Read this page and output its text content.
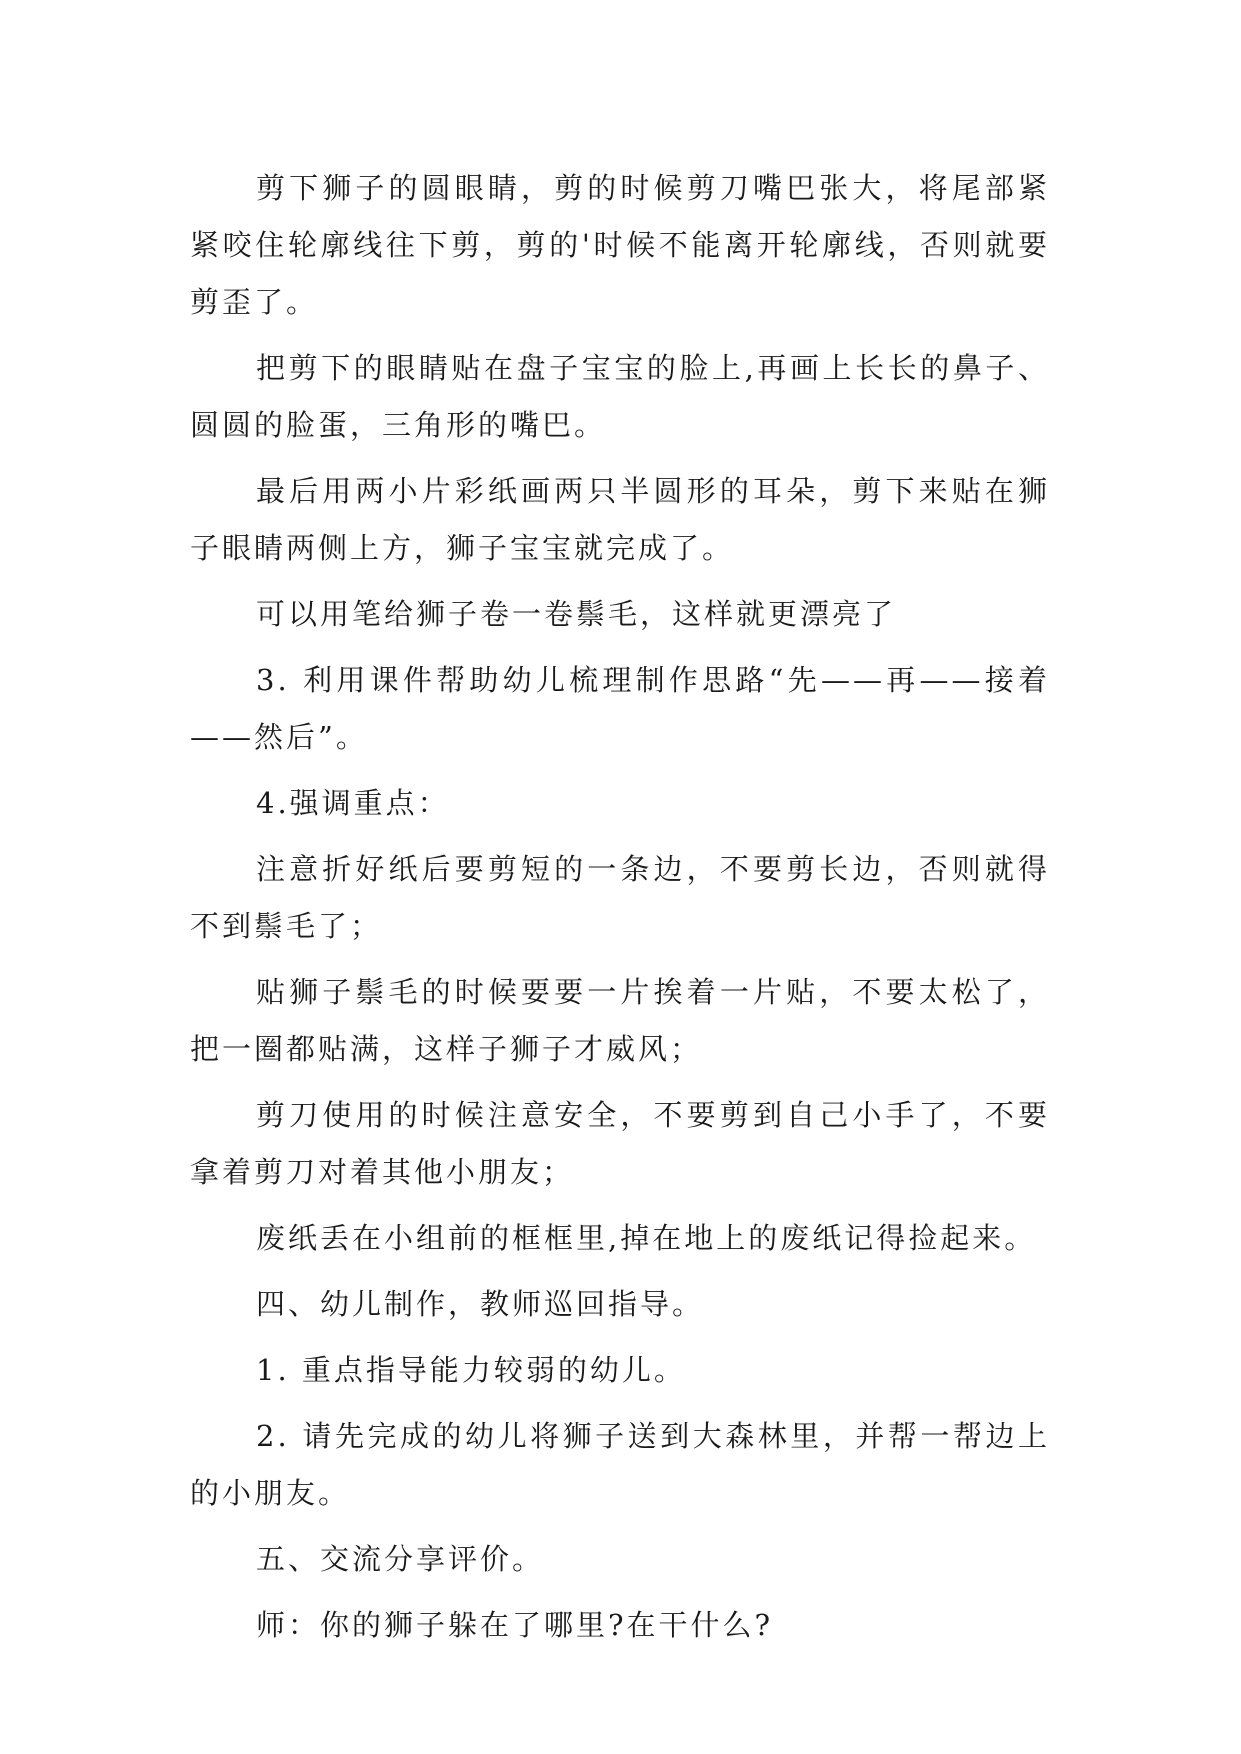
剪下狮子的圆眼睛，剪的时候剪刀嘴巴张大，将尾部紧紧咬住轮廓线往下剪，剪的'时候不能离开轮廓线，否则就要剪歪了。

把剪下的眼睛贴在盘子宝宝的脸上,再画上长长的鼻子、圆圆的脸蛋，三角形的嘴巴。

最后用两小片彩纸画两只半圆形的耳朵，剪下来贴在狮子眼睛两侧上方，狮子宝宝就完成了。

可以用笔给狮子卷一卷鬃毛，这样就更漂亮了

3. 利用课件帮助幼儿梳理制作思路“先——再——接着——然后”。

4.强调重点：

注意折好纸后要剪短的一条边，不要剪长边，否则就得不到鬃毛了；

贴狮子鬃毛的时候要要一片挨着一片贴，不要太松了，把一圈都贴满，这样子狮子才威风；

剪刀使用的时候注意安全，不要剪到自己小手了，不要拿着剪刀对着其他小朋友；

废纸丢在小组前的框框里,掉在地上的废纸记得捡起来。

四、幼儿制作，教师巡回指导。

1. 重点指导能力较弱的幼儿。

2. 请先完成的幼儿将狮子送到大森林里，并帮一帮边上的小朋友。

五、交流分享评价。

师：你的狮子躲在了哪里?在干什么?
